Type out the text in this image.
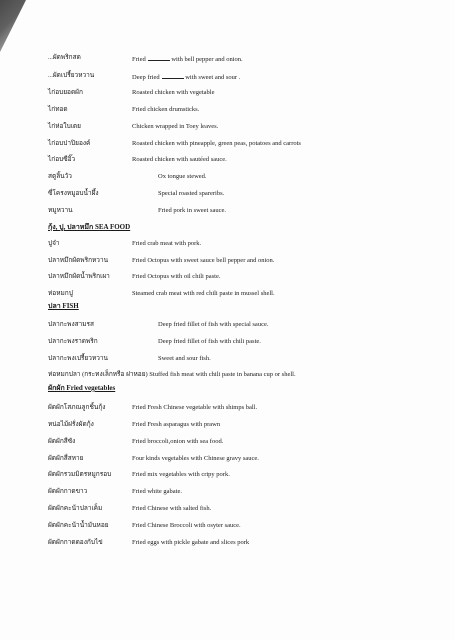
...ผัดพริกสด	Fried	with bell pepper and onion.
...ผัดเปรี้ยวหวาน	Deep fried	with sweet and sour .
ไก่อบยอดผัก	Roasted chicken with vegetable
ไก่ทอด	Fried chicken drumsticks.
ไก่ห่อใบเตย	Chicken wrapped in Toey leaves.
ไก่อบปาปิยองค์	Roasted chicken with pineapple, green peas, potatoes and carrots
ไก่อบซีอิ๊ว	Roasted chicken with sautéed sauce.
สตูลิ้นวัว	Ox tongue stewed.
ซี่โครงหมูอบน้ำผึ้ง	Special roasted spareribs.
หมูหวาน	Fried pork in sweet sauce.
กุ้ง, ปู, ปลาหมึก SEA FOOD
ปูจ๋า	Fried crab meat with pork.
ปลาหมึกผัดพริกหวาน	Fried Octopus with sweet sauce bell pepper and onion.
ปลาหมึกผัดน้ำพริกเผา	Fried Octopus with oil chili paste.
ห่อหมกปู	Steamed crab meat with red chili paste in mussel shell.
ปลา FISH
ปลากะพงสามรส	Deep fried fillet of fish with special sauce.
ปลากะพงราดพริก	Deep fried fillet of fish with chili paste.
ปลากะพงเปรี้ยวหวาน	Sweet and sour fish.
ห่อหมกปลา (กระทงเล็กหรือ ฝาหอย) Stuffed fish meat with chili paste in banana cup or shell.
ผักผัก Fried vegetables
ผัดผักโสภณลูกชิ้นกุ้ง	Fried Fresh Chinese vegetable with shimps ball.
หน่อไม้ฝรั่งผัดกุ้ง	Fried Fresh asparagus with prawn
ผัดผักสีซัง	Fried broccoli,onion with sea food.
ผัดผักสี่สหาย	Four kinds vegetables with Chinese gravy sauce.
ผัดผักรวมมิตรหมูกรอบ	Fried mix vegetables with cripy pork.
ผัดผักกาดขาว	Fried white gabate.
ผัดผักคะน้าปลาเค็ม	Fried Chinese with salted fish.
ผัดผักคะน้าน้ำมันหอย	Fried Chinese Broccoli with osyter sauce.
ผัดผักกาดดองกับไข่	Fried eggs with pickle gabate and slices pork
